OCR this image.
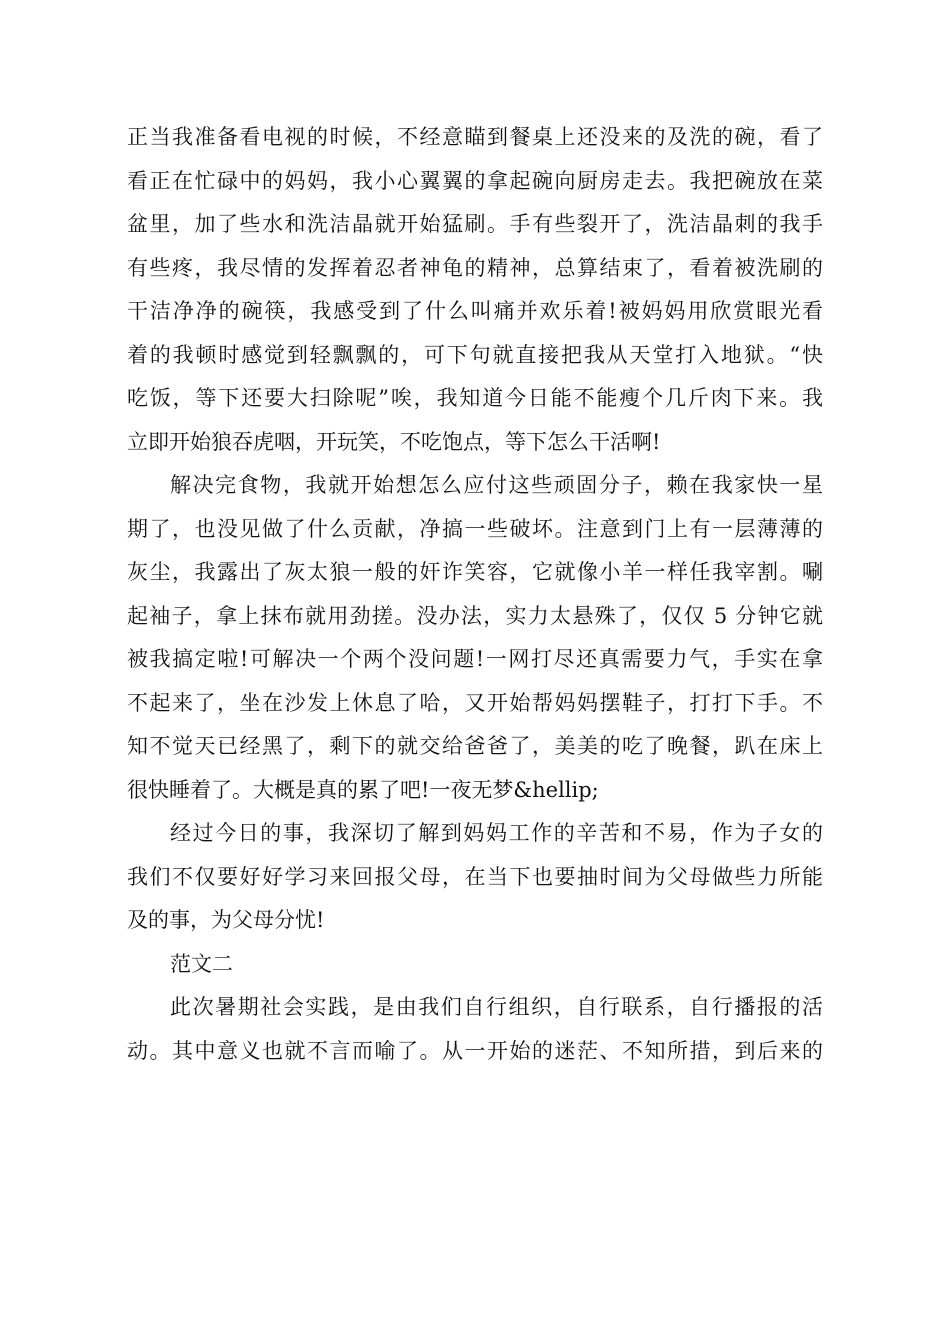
正当我准备看电视的时候，不经意瞄到餐桌上还没来的及洗的碗，看了
看正在忙碌中的妈妈，我小心翼翼的拿起碗向厨房走去。我把碗放在菜
盆里，加了些水和洗洁晶就开始猛刷。手有些裂开了，洗洁晶刺的我手
有些疼，我尽情的发挥着忍者神龟的精神，总算结束了，看着被洗刷的
干洁净净的碗筷，我感受到了什么叫痛并欢乐着!被妈妈用欣赏眼光看
着的我顿时感觉到轻飘飘的，可下句就直接把我从天堂打入地狱。“快
吃饭，等下还要大扫除呢”唉，我知道今日能不能瘦个几斤肉下来。我
立即开始狼吞虎咽，开玩笑，不吃饱点，等下怎么干活啊!
解决完食物，我就开始想怎么应付这些顽固分子，赖在我家快一星
期了，也没见做了什么贡献，净搞一些破坏。注意到门上有一层薄薄的
灰尘，我露出了灰太狼一般的奸诈笑容，它就像小羊一样任我宰割。唰
起袖子，拿上抹布就用劲搓。没办法，实力太悬殊了，仅仅 5 分钟它就
被我搞定啦!可解决一个两个没问题!一网打尽还真需要力气，手实在拿
不起来了，坐在沙发上休息了哈，又开始帮妈妈摆鞋子，打打下手。不
知不觉天已经黑了，剩下的就交给爸爸了，美美的吃了晚餐，趴在床上
很快睡着了。大概是真的累了吧!一夜无梦&hellip;
经过今日的事，我深切了解到妈妈工作的辛苦和不易，作为子女的
我们不仅要好好学习来回报父母，在当下也要抽时间为父母做些力所能
及的事，为父母分忧!
范文二
此次暑期社会实践，是由我们自行组织，自行联系，自行播报的活
动。其中意义也就不言而喻了。从一开始的迷茫、不知所措，到后来的
